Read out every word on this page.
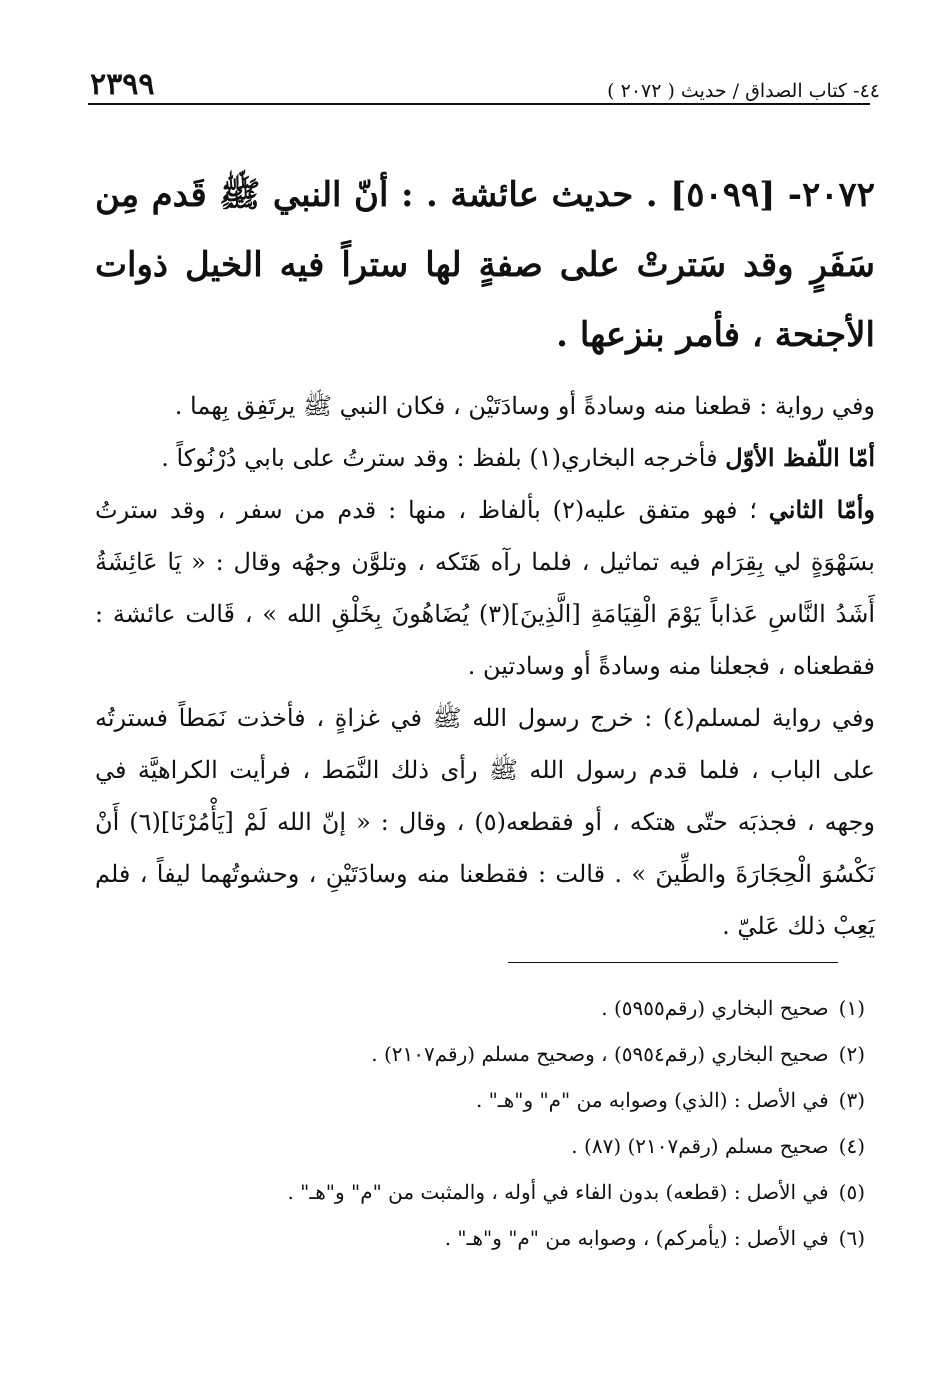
٤٤- كتاب الصداق / حديث ( ٢٠٧٢ )
٢٣٩٩

٢٠٧٢- [٥٠٩٩] . حديث عائشة . : أنّ النبي ﷺ قَدم مِن سَفَرٍ وقد سَترتْ على صفةٍ لها ستراً فيه الخيل ذوات الأجنحة ، فأمر بنزعها .

وفي رواية : قطعنا منه وسادةً أو وسادَتَيْن ، فكان النبي ﷺ يرتَفِق بِهما .

أمّا اللّفظ الأوّل فأخرجه البخاري(١) بلفظ : وقد سترتُ على بابي دُرْنُوكاً .

وأمّا الثاني ؛ فهو متفق عليه(٢) بألفاظ ، منها : قدم من سفر ، وقد سترتُ بسَهْوَةٍ لي بِقِرَام فيه تماثيل ، فلما رآه هَتَكه ، وتلوَّن وجهُه وقال : « يَا عَائِشَةُ أَشَدُ النَّاسِ عَذاباً يَوْمَ الْقِيَامَةِ [الَّذِينَ](٣) يُضَاهُونَ بِخَلْقِ الله » ، قَالت عائشة : فقطعناه ، فجعلنا منه وسادةً أو وسادتين .

وفي رواية لمسلم(٤) : خرج رسول الله ﷺ في غزاةٍ ، فأخذت نَمَطاً فسترتُه على الباب ، فلما قدم رسول الله ﷺ رأى ذلك النَّمَط ، فرأيت الكراهيَّة في وجهه ، فجذبَه حتّى هتكه ، أو فقطعه(٥) ، وقال : « إنّ الله لَمْ [يَأْمُرْنَا](٦) أَنْ نَكْسُوَ الْحِجَارَةَ والطِّينَ » . قالت : فقطعنا منه وسادَتَيْنِ ، وحشوتُهما ليفاً ، فلم يَعِبْ ذلك عَليّ .

(١)صحيح البخاري (رقم٥٩٥٥) .
(٢)صحيح البخاري (رقم٥٩٥٤) ، وصحيح مسلم (رقم٢١٠٧) .
(٣)في الأصل : (الذي) وصوابه من "م" و"هـ" .
(٤)صحيح مسلم (رقم٢١٠٧) (٨٧) .
(٥)في الأصل : (قطعه) بدون الفاء في أوله ، والمثبت من "م" و"هـ" .
(٦)في الأصل : (يأمركم) ، وصوابه من "م" و"هـ" .
